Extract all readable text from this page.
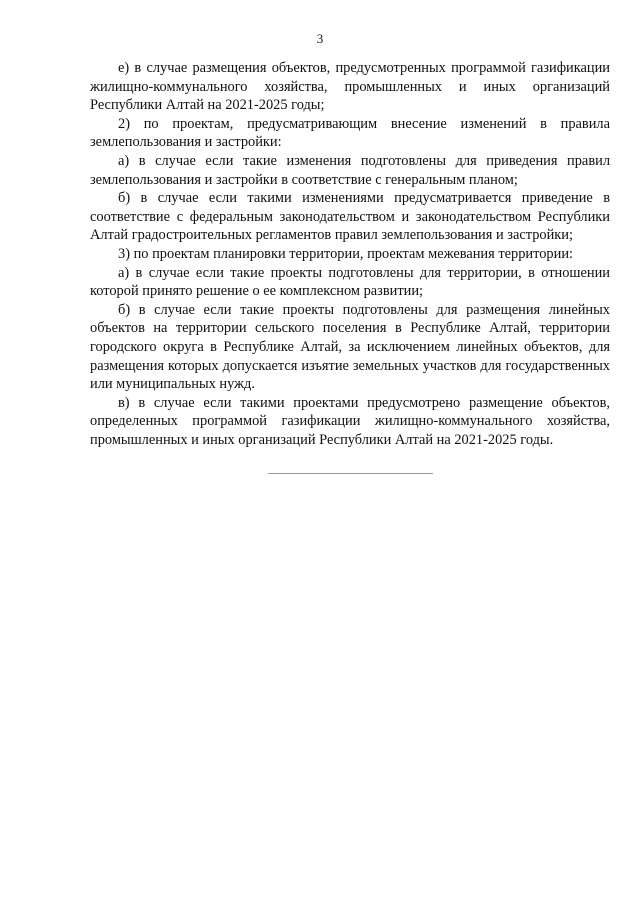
3

е) в случае размещения объектов, предусмотренных программой газификации жилищно-коммунального хозяйства, промышленных и иных организаций Республики Алтай на 2021-2025 годы;

2) по проектам, предусматривающим внесение изменений в правила землепользования и застройки:

а) в случае если такие изменения подготовлены для приведения правил землепользования и застройки в соответствие с генеральным планом;

б) в случае если такими изменениями предусматривается приведение в соответствие с федеральным законодательством и законодательством Республики Алтай градостроительных регламентов правил землепользования и застройки;

3) по проектам планировки территории, проектам межевания территории:

а) в случае если такие проекты подготовлены для территории, в отношении которой принято решение о ее комплексном развитии;

б) в случае если такие проекты подготовлены для размещения линейных объектов на территории сельского поселения в Республике Алтай, территории городского округа в Республике Алтай, за исключением линейных объектов, для размещения которых допускается изъятие земельных участков для государственных или муниципальных нужд.

в) в случае если такими проектами предусмотрено размещение объектов, определенных программой газификации жилищно-коммунального хозяйства, промышленных и иных организаций Республики Алтай на 2021-2025 годы.
